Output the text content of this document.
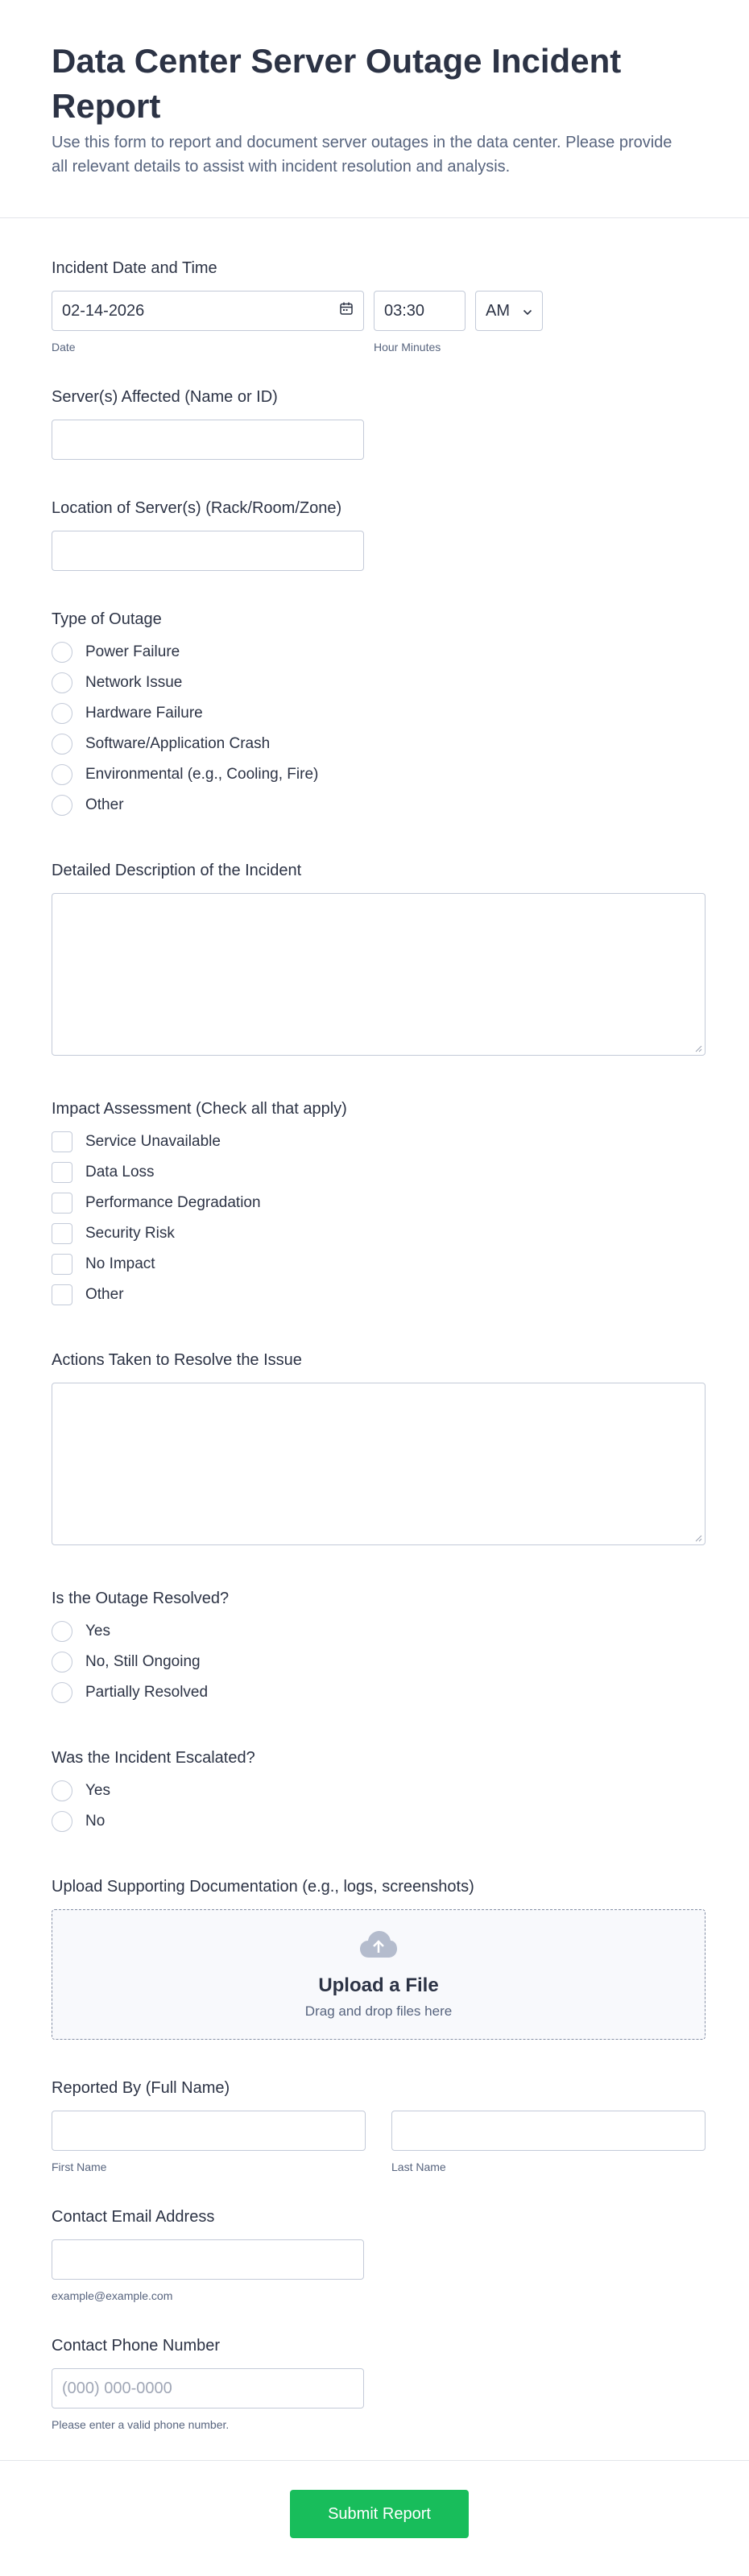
Data Center Server Outage Incident Report

Use this form to report and document server outages in the data center. Please provide all relevant details to assist with incident resolution and analysis.

Incident Date and Time
02-14-2026
Date
03:30
Hour Minutes
AM
Server(s) Affected (Name or ID)
Location of Server(s) (Rack/Room/Zone)
Type of Outage
Power Failure
Network Issue
Hardware Failure
Software/Application Crash
Environmental (e.g., Cooling, Fire)
Other
Detailed Description of the Incident
Impact Assessment (Check all that apply)
Service Unavailable
Data Loss
Performance Degradation
Security Risk
No Impact
Other
Actions Taken to Resolve the Issue
Is the Outage Resolved?
Yes
No, Still Ongoing
Partially Resolved
Was the Incident Escalated?
Yes
No
Upload Supporting Documentation (e.g., logs, screenshots)
Upload a File
Drag and drop files here
Reported By (Full Name)
First Name	Last Name
Contact Email Address
example@example.com
Contact Phone Number
(000) 000-0000
Please enter a valid phone number.
Submit Report
